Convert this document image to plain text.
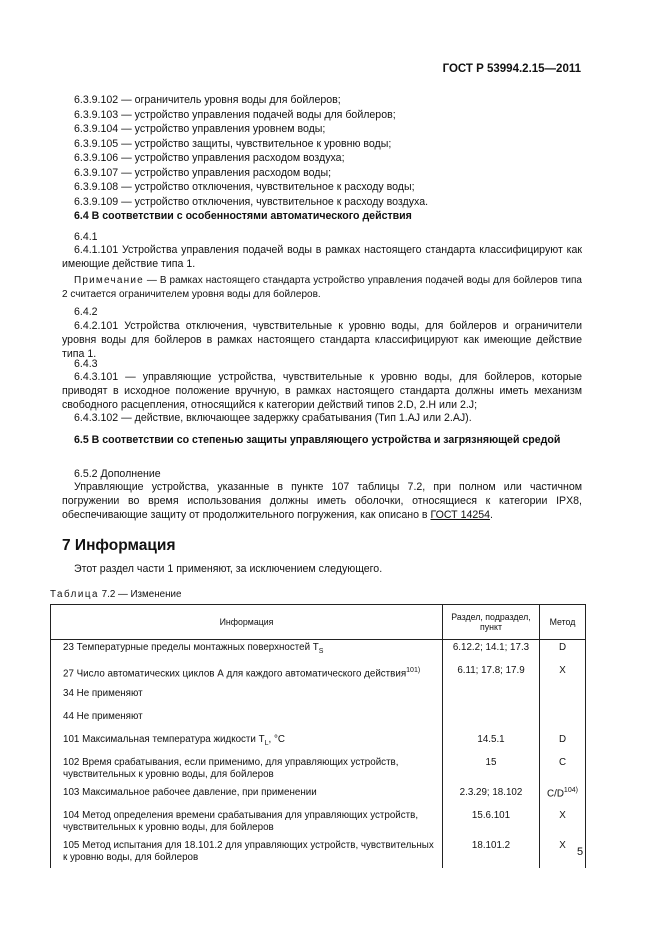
ГОСТ Р 53994.2.15—2011
6.3.9.102 — ограничитель уровня воды для бойлеров;
6.3.9.103 — устройство управления подачей воды для бойлеров;
6.3.9.104 — устройство управления уровнем воды;
6.3.9.105 — устройство защиты, чувствительное к уровню воды;
6.3.9.106 — устройство управления расходом воздуха;
6.3.9.107 — устройство управления расходом воды;
6.3.9.108 — устройство отключения, чувствительное к расходу воды;
6.3.9.109 — устройство отключения, чувствительное к расходу воздуха.
6.4 В соответствии с особенностями автоматического действия
6.4.1
6.4.1.101 Устройства управления подачей воды в рамках настоящего стандарта классифицируют как имеющие действие типа 1.
Примечание — В рамках настоящего стандарта устройство управления подачей воды для бойлеров типа 2 считается ограничителем уровня воды для бойлеров.
6.4.2
6.4.2.101 Устройства отключения, чувствительные к уровню воды, для бойлеров и ограничители уровня воды для бойлеров в рамках настоящего стандарта классифицируют как имеющие действие типа 1.
6.4.3
6.4.3.101 — управляющие устройства, чувствительные к уровню воды, для бойлеров, которые приводят в исходное положение вручную, в рамках настоящего стандарта должны иметь механизм свободного расцепления, относящийся к категории действий типов 2.D, 2.H или 2.J;
6.4.3.102 — действие, включающее задержку срабатывания (Тип 1.AJ или 2.AJ).
6.5 В соответствии со степенью защиты управляющего устройства и загрязняющей средой
6.5.2 Дополнение
Управляющие устройства, указанные в пункте 107 таблицы 7.2, при полном или частичном погружении во время использования должны иметь оболочки, относящиеся к категории IPX8, обеспечивающие защиту от продолжительного погружения, как описано в ГОСТ 14254.
7 Информация
Этот раздел части 1 применяют, за исключением следующего.
Таблица 7.2 — Изменение
Информация	Раздел, подраздел, пункт	Метод
23 Температурные пределы монтажных поверхностей $T_S$	6.12.2; 14.1; 17.3	D
27 Число автоматических циклов А для каждого автоматического действия$^{101)}$	6.11; 17.8; 17.9	X
34 Не применяют		
44 Не применяют		
101 Максимальная температура жидкости $T_L$, °C	14.5.1	D
102 Время срабатывания, если применимо, для управляющих устройств, чувствительных к уровню воды, для бойлеров	15	C
103 Максимальное рабочее давление, при применении	2.3.29; 18.102	$C/D^{104)}$
104 Метод определения времени срабатывания для управляющих устройств, чувствительных к уровню воды, для бойлеров	15.6.101	X
105 Метод испытания для 18.101.2 для управляющих устройств, чувствительных к уровню воды, для бойлеров	18.101.2	X
5
